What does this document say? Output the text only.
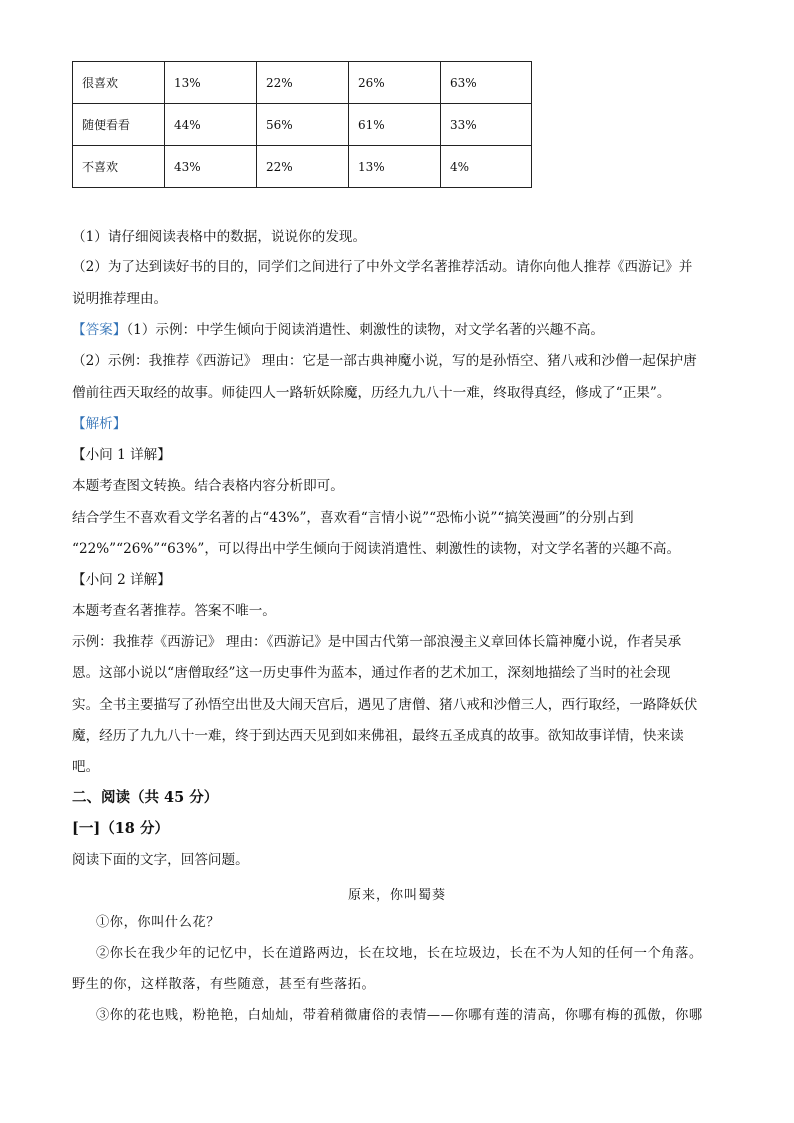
很喜欢	13%	22%	26%	63%
随便看看	44%	56%	61%	33%
不喜欢	43%	22%	13%	4%
（1）请仔细阅读表格中的数据，说说你的发现。
（2）为了达到读好书的目的，同学们之间进行了中外文学名著推荐活动。请你向他人推荐《西游记》并
说明推荐理由。
【答案】（1）示例：中学生倾向于阅读消遣性、刺激性的读物，对文学名著的兴趣不高。
（2）示例：我推荐《西游记》 理由：它是一部古典神魔小说，写的是孙悟空、猪八戒和沙僧一起保护唐
僧前往西天取经的故事。师徒四人一路斩妖除魔，历经九九八十一难，终取得真经，修成了“正果”。
【解析】
【小问 1 详解】
本题考查图文转换。结合表格内容分析即可。
结合学生不喜欢看文学名著的占“43%”，喜欢看“言情小说”“恐怖小说”“搞笑漫画”的分别占到
“22%”“26%”“63%”，可以得出中学生倾向于阅读消遣性、刺激性的读物，对文学名著的兴趣不高。
【小问 2 详解】
本题考查名著推荐。答案不唯一。
示例：我推荐《西游记》 理由：《西游记》是中国古代第一部浪漫主义章回体长篇神魔小说，作者吴承
恩。这部小说以“唐僧取经”这一历史事件为蓝本，通过作者的艺术加工，深刻地描绘了当时的社会现
实。全书主要描写了孙悟空出世及大闹天宫后，遇见了唐僧、猪八戒和沙僧三人，西行取经，一路降妖伏
魔，经历了九九八十一难，终于到达西天见到如来佛祖，最终五圣成真的故事。欲知故事详情，快来读
吧。
二、阅读（共 45 分）
[一]（18 分）
阅读下面的文字，回答问题。
原来，你叫蜀葵
①你，你叫什么花？
②你长在我少年的记忆中，长在道路两边，长在坟地，长在垃圾边，长在不为人知的任何一个角落。
野生的你，这样散落，有些随意，甚至有些落拓。
③你的花也贱，粉艳艳，白灿灿，带着稍微庸俗的表情——你哪有莲的清高，你哪有梅的孤傲，你哪
